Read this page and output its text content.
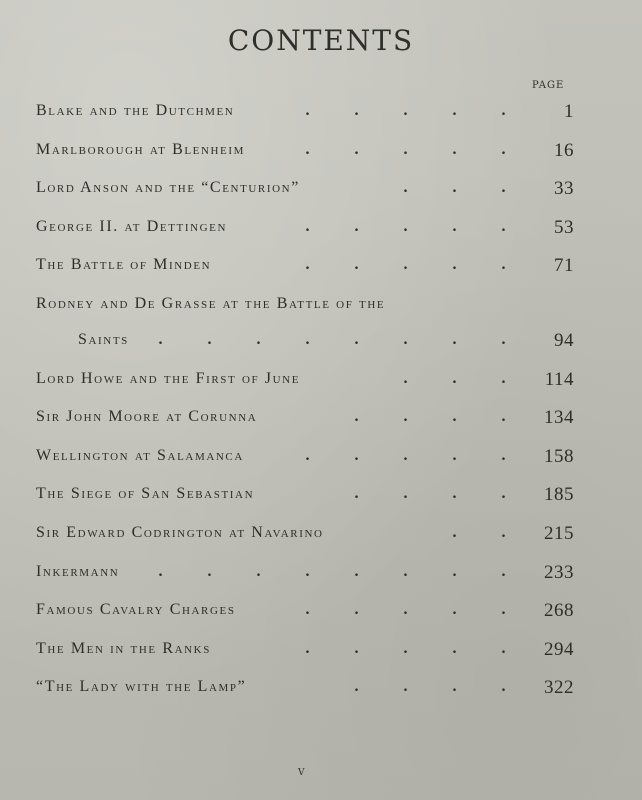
CONTENTS
PAGE
Blake and the Dutchmen	.	.	.	.	.	1
Marlborough at Blenheim	.	.	.	.	.	16
Lord Anson and the “Centurion”	.	.	.	33
George II. at Dettingen	.	.	.	.	.	53
The Battle of Minden	.	.	.	.	.	71
Rodney and De Grasse at the Battle of the
Saints	.	.	.	.	.	.	.	.	94
Lord Howe and the First of June	.	.	.	114
Sir John Moore at Corunna	.	.	.	.	134
Wellington at Salamanca	.	.	.	.	.	158
The Siege of San Sebastian	.	.	.	.	185
Sir Edward Codrington at Navarino	.	.	215
Inkermann	.	.	.	.	.	.	.	.	233
Famous Cavalry Charges	.	.	.	.	.	268
The Men in the Ranks	.	.	.	.	.	294
“The Lady with the Lamp”	.	.	.	.	322
v
